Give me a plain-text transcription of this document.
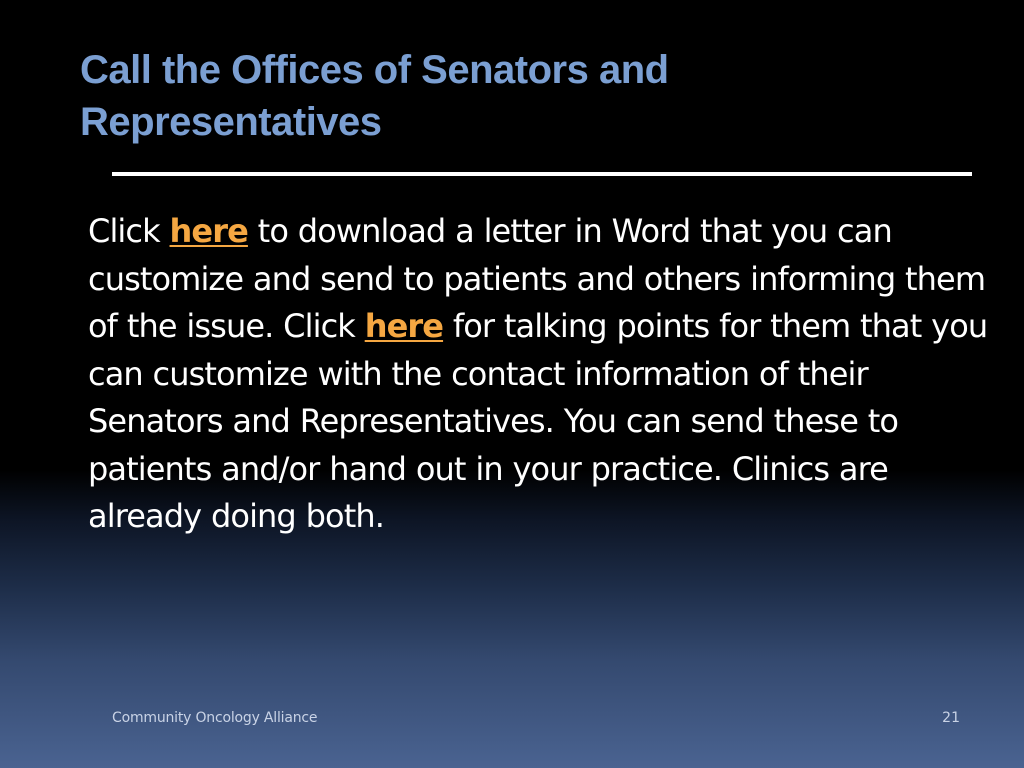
Call the Offices of Senators and Representatives

Click here to download a letter in Word that you can customize and send to patients and others informing them of the issue. Click here for talking points for them that you can customize with the contact information of their Senators and Representatives. You can send these to patients and/or hand out in your practice. Clinics are already doing both.

Community Oncology Alliance	21
